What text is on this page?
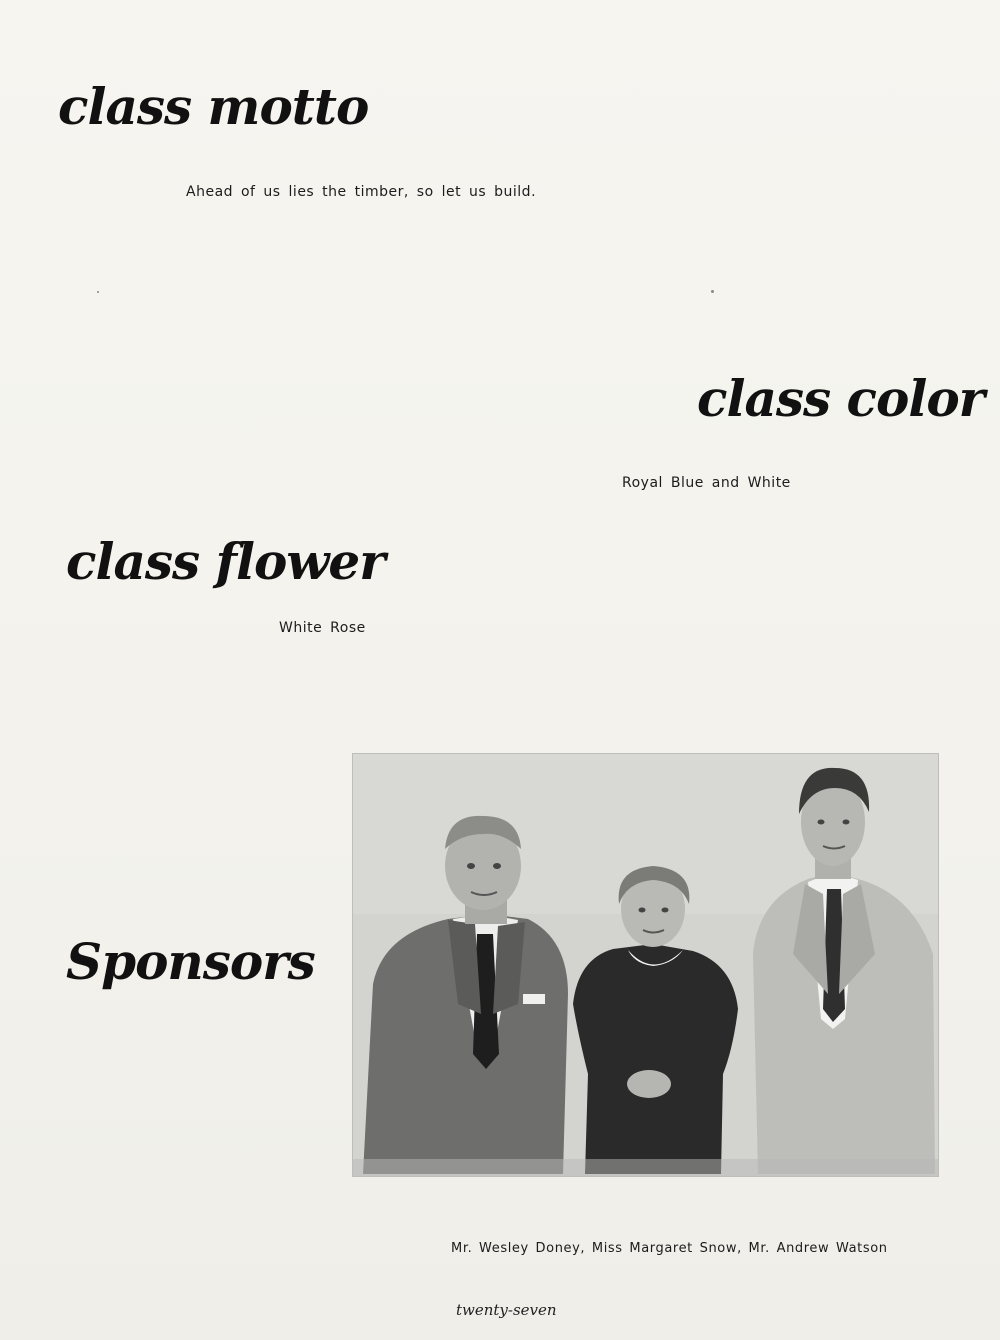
class motto
Ahead of us lies the timber, so let us build.
class color
Royal Blue and White
class flower
White Rose
Sponsors
Mr. Wesley Doney, Miss Margaret Snow, Mr. Andrew Watson
twenty-seven
